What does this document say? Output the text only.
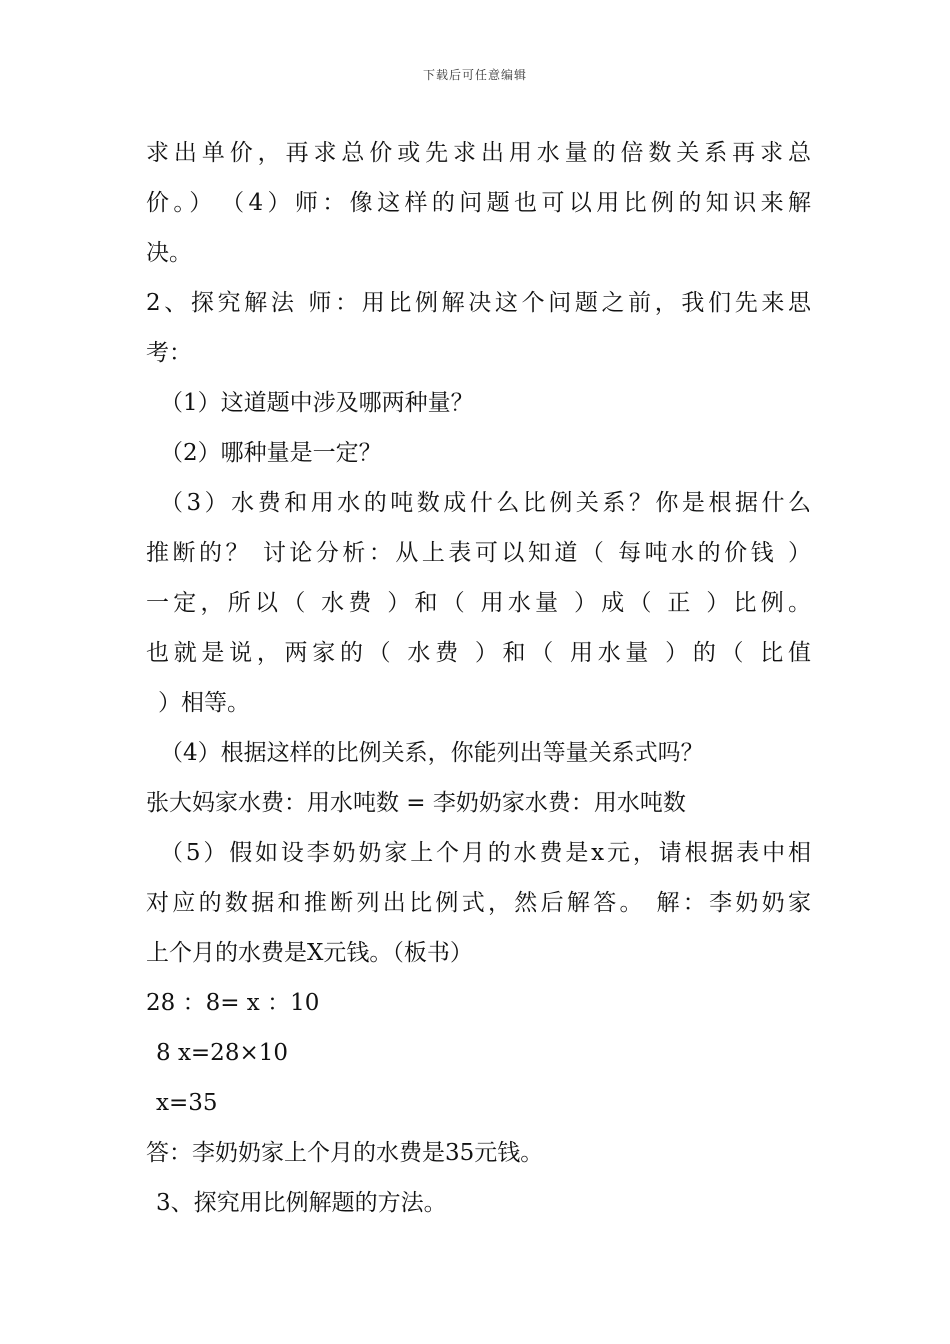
下载后可任意编辑
求出单价，再求总价或先求出用水量的倍数关系再求总
价。）　（4）师：像这样的问题也可以用比例的知识来解
决。
2、探究解法 师：用比例解决这个问题之前，我们先来思
考：
（1）这道题中涉及哪两种量？
（2）哪种量是一定？
（3）水费和用水的吨数成什么比例关系？你是根据什么
推断的？ 讨论分析：从上表可以知道（ 每吨水的价钱 ）
一定，所以（ 水费 ）和（ 用水量 ）成（ 正 ）比例。
也就是说，两家的（ 水费 ）和（ 用水量 ）的（ 比值
）相等。
（4）根据这样的比例关系，你能列出等量关系式吗？
张大妈家水费：用水吨数 = 李奶奶家水费：用水吨数
（5）假如设李奶奶家上个月的水费是x元，请根据表中相
对应的数据和推断列出比例式，然后解答。 解：李奶奶家
上个月的水费是X元钱。（板书）
28 ：8= x ：10
8 x=28×10
x=35
答：李奶奶家上个月的水费是35元钱。
3、探究用比例解题的方法。
